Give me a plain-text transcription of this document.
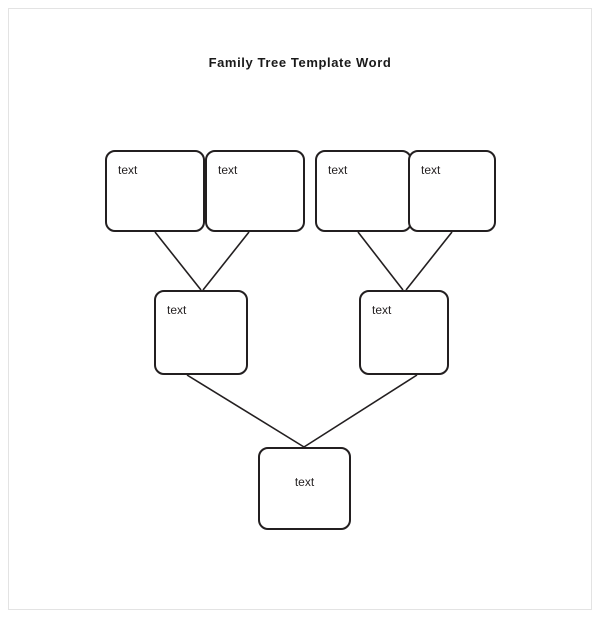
Family Tree Template Word
text	text	text	text
text	text
text
